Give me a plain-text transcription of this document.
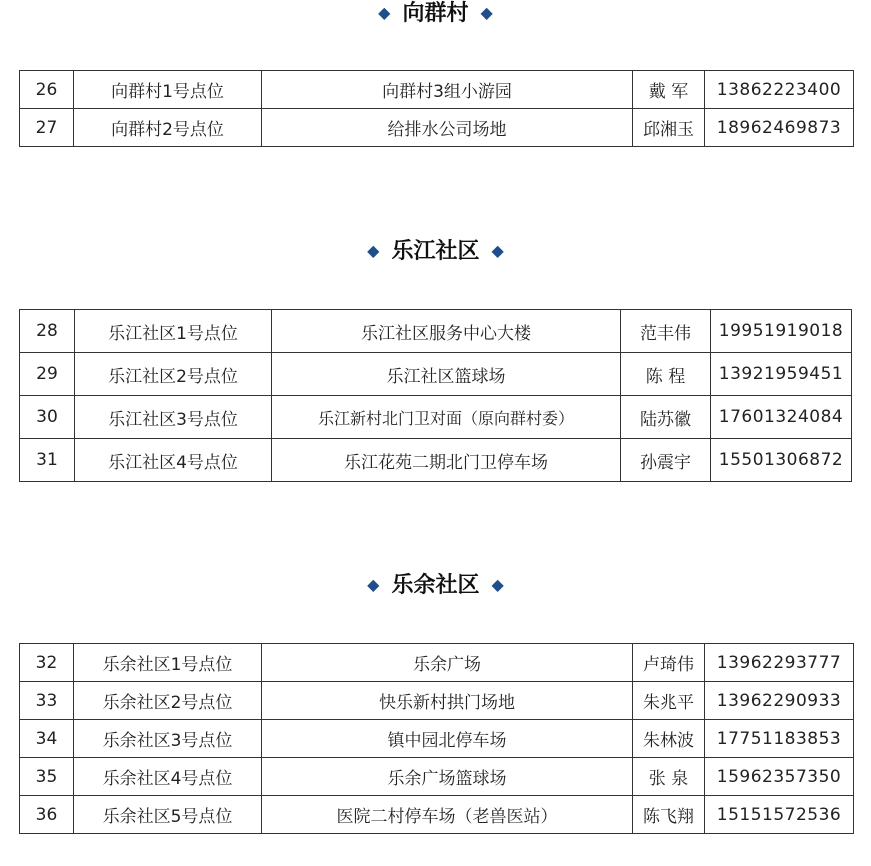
◆ 向群村 ◆
26	向群村1号点位	向群村3组小游园	戴 军	13862223400
27	向群村2号点位	给排水公司场地	邱湘玉	18962469873
◆ 乐江社区 ◆
28	乐江社区1号点位	乐江社区服务中心大楼	范丰伟	19951919018
29	乐江社区2号点位	乐江社区篮球场	陈 程	13921959451
30	乐江社区3号点位	乐江新村北门卫对面（原向群村委）	陆苏徽	17601324084
31	乐江社区4号点位	乐江花苑二期北门卫停车场	孙震宇	15501306872
◆ 乐余社区 ◆
32	乐余社区1号点位	乐余广场	卢琦伟	13962293777
33	乐余社区2号点位	快乐新村拱门场地	朱兆平	13962290933
34	乐余社区3号点位	镇中园北停车场	朱林波	17751183853
35	乐余社区4号点位	乐余广场篮球场	张 泉	15962357350
36	乐余社区5号点位	医院二村停车场（老兽医站）	陈飞翔	15151572536
